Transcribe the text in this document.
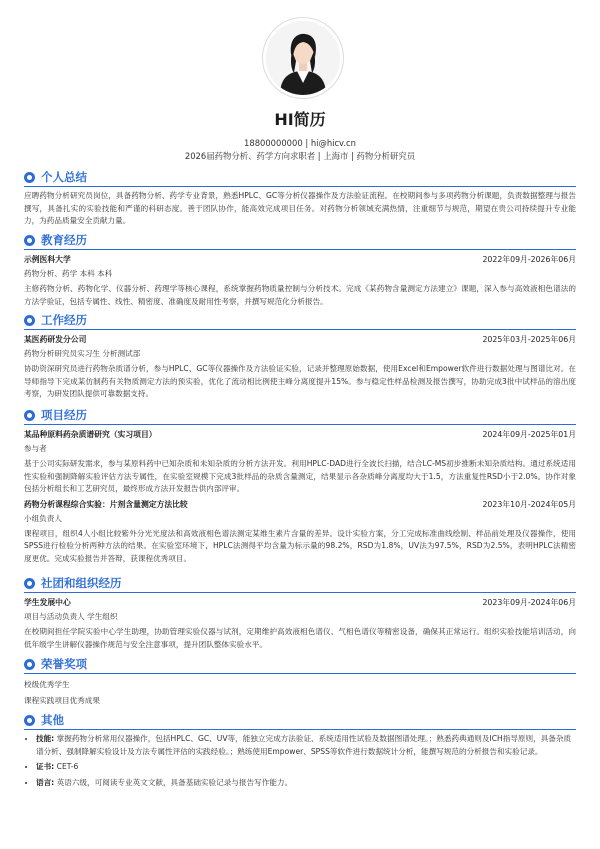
HI简历
18800000000 | hi@hicv.cn
2026届药物分析、药学方向求职者 | 上海市 | 药物分析研究员
个人总结
应聘药物分析研究员岗位，具备药物分析、药学专业背景，熟悉HPLC、GC等分析仪器操作及方法验证流程。在校期间参与多项药物分析课题，负责数据整理与报告撰写，具备扎实的实验技能和严谨的科研态度。善于团队协作，能高效完成项目任务。对药物分析领域充满热情，注重细节与规范，期望在贵公司持续提升专业能力，为药品质量安全贡献力量。
教育经历
示例医科大学	2022年09月-2026年06月
药物分析、药学 本科 本科
主修药物分析、药物化学、仪器分析、药理学等核心课程，系统掌握药物质量控制与分析技术。完成《某药物含量测定方法建立》课题，深入参与高效液相色谱法的方法学验证，包括专属性、线性、精密度、准确度及耐用性考察，并撰写规范化分析报告。
工作经历
某医药研发分公司	2025年03月-2025年06月
药物分析研究员实习生 分析测试部
协助资深研究员进行药物杂质谱分析，参与HPLC、GC等仪器操作及方法验证实验，记录并整理原始数据，使用Excel和Empower软件进行数据处理与图谱比对。在导师指导下完成某仿制药有关物质测定方法的预实验，优化了流动相比例使主峰分离度提升15%。参与稳定性样品检测及报告撰写，协助完成3批中试样品的溶出度考察，为研发团队提供可靠数据支持。
项目经历
某品种原料药杂质谱研究（实习项目）	2024年09月-2025年01月
参与者
基于公司实际研发需求，参与某原料药中已知杂质和未知杂质的分析方法开发。利用HPLC-DAD进行全波长扫描，结合LC-MS初步推断未知杂质结构。通过系统适用性实验和强制降解实验评估方法专属性，在实验室规模下完成3批样品的杂质含量测定，结果显示各杂质峰分离度均大于1.5，方法重复性RSD小于2.0%。协作对象包括分析组长和工艺研究员，最终形成方法开发报告供内部评审。
药物分析课程综合实验：片剂含量测定方法比较	2023年10月-2024年05月
小组负责人
课程项目，组织4人小组比较紫外分光光度法和高效液相色谱法测定某维生素片含量的差异。设计实验方案，分工完成标准曲线绘制、样品前处理及仪器操作，使用SPSS进行检验分析两种方法的结果。在实验室环境下，HPLC法测得平均含量为标示量的98.2%，RSD为1.8%，UV法为97.5%，RSD为2.5%，表明HPLC法精密度更优。完成实验报告并答辩，获课程优秀项目。
社团和组织经历
学生发展中心	2023年09月-2024年06月
项目与活动负责人 学生组织
在校期间担任学院实验中心学生助理，协助管理实验仪器与试剂，定期维护高效液相色谱仪、气相色谱仪等精密设备，确保其正常运行。组织实验技能培训活动，向低年级学生讲解仪器操作规范与安全注意事项，提升团队整体实验水平。
荣誉奖项
校级优秀学生
课程实践项目优秀成果
其他
• 技能: 掌握药物分析常用仪器操作，包括HPLC、GC、UV等，能独立完成方法验证、系统适用性试验及数据图谱处理。；熟悉药典通则及ICH指导原则，具备杂质谱分析、强制降解实验设计及方法专属性评估的实践经验。；熟练使用Empower、SPSS等软件进行数据统计分析，能撰写规范的分析报告和实验记录。
• 证书: CET-6
• 语言: 英语六级，可阅读专业英文文献，具备基础实验记录与报告写作能力。
